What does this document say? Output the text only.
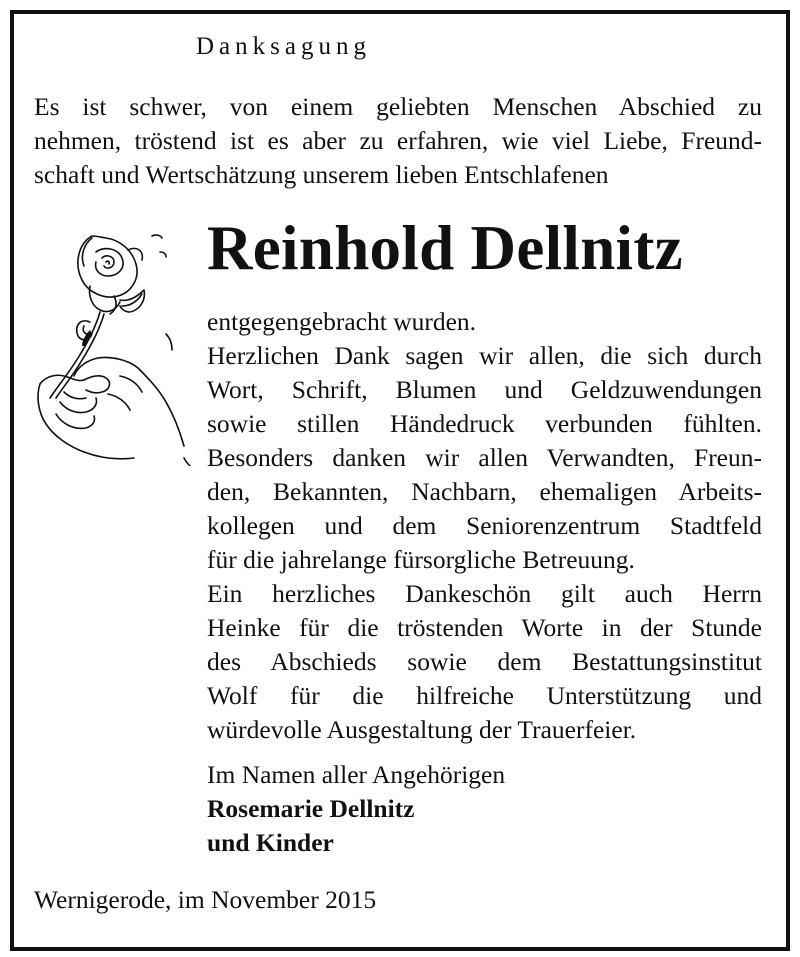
Danksagung
Es ist schwer, von einem geliebten Menschen Abschied zu
nehmen, tröstend ist es aber zu erfahren, wie viel Liebe, Freund-
schaft und Wertschätzung unserem lieben Entschlafenen
Reinhold Dellnitz
entgegengebracht wurden.
Herzlichen Dank sagen wir allen, die sich durch
Wort, Schrift, Blumen und Geldzuwendungen
sowie stillen Händedruck verbunden fühlten.
Besonders danken wir allen Verwandten, Freun-
den, Bekannten, Nachbarn, ehemaligen Arbeits-
kollegen und dem Seniorenzentrum Stadtfeld
für die jahrelange fürsorgliche Betreuung.
Ein herzliches Dankeschön gilt auch Herrn
Heinke für die tröstenden Worte in der Stunde
des Abschieds sowie dem Bestattungsinstitut
Wolf für die hilfreiche Unterstützung und
würdevolle Ausgestaltung der Trauerfeier.
Im Namen aller Angehörigen
Rosemarie Dellnitz
und Kinder
Wernigerode, im November 2015
